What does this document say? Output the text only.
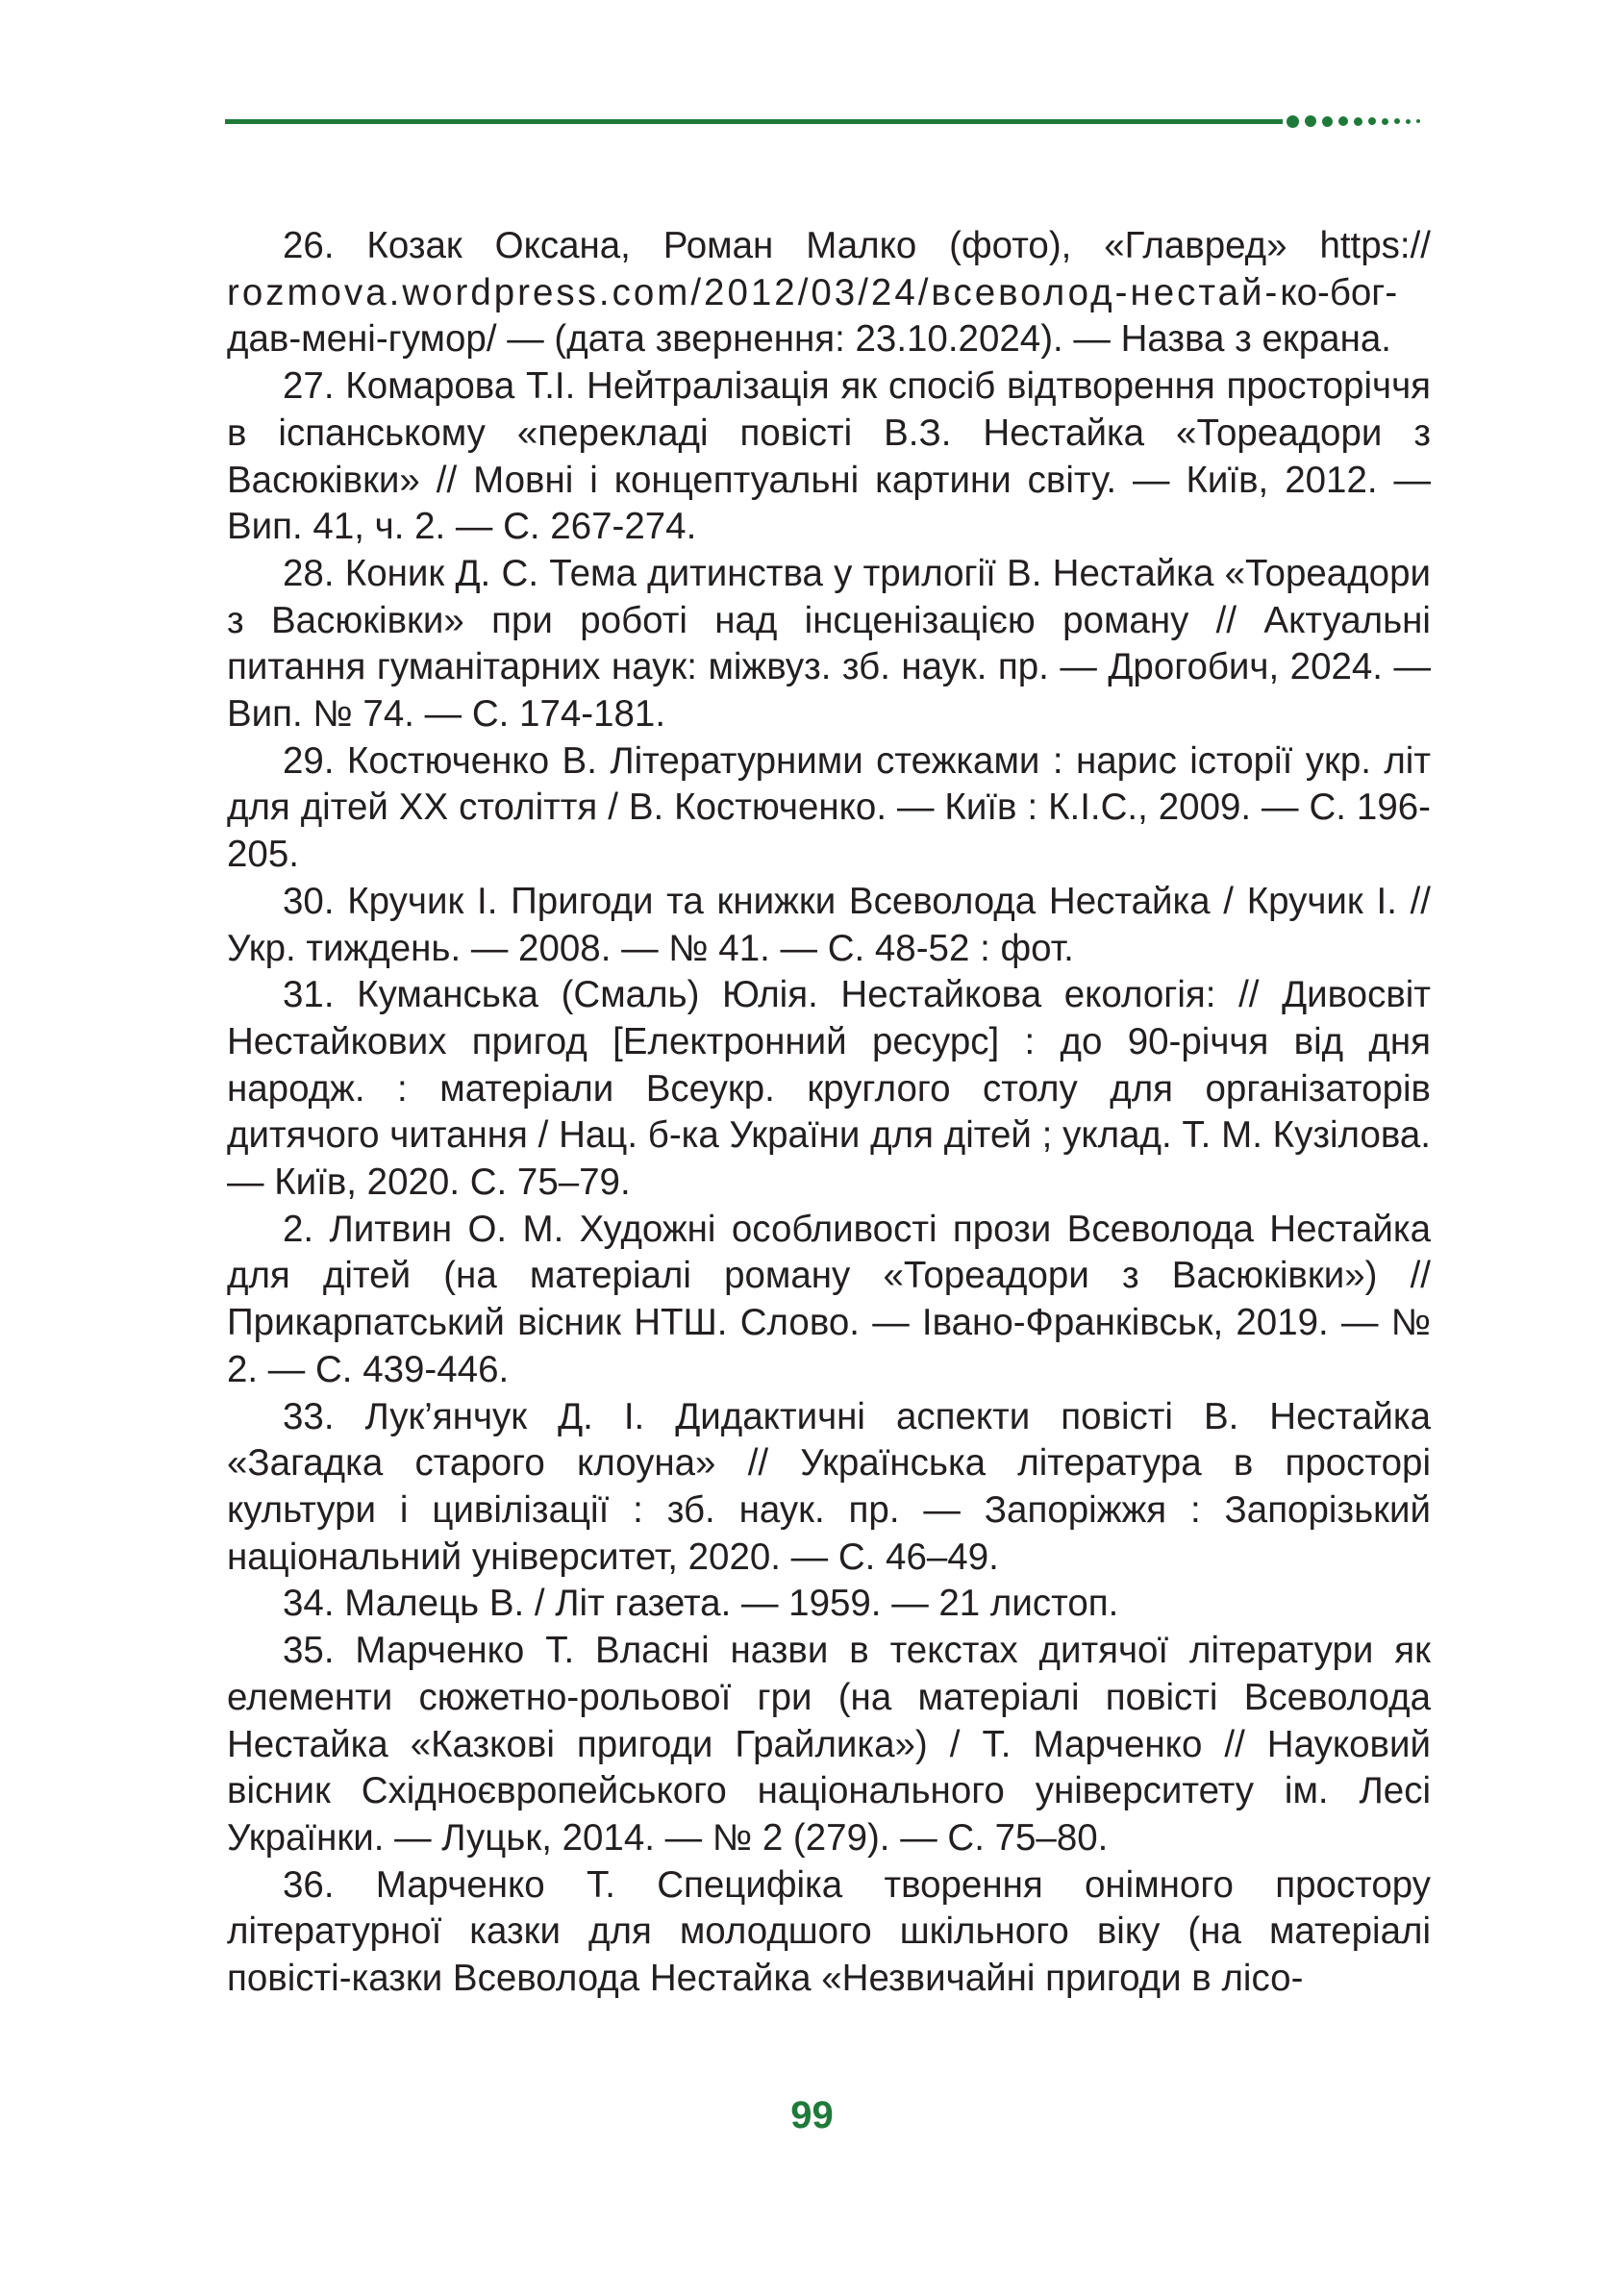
26. Козак Оксана, Роман Малко (фото), «Главред» https:// rozmova.wordpress.com/2012/03/24/всеволод-нестай-ко-бог-дав-мені-гумор/ — (дата звернення: 23.10.2024). — Назва з екрана.

27. Комарова Т.І. Нейтралізація як спосіб відтворення просторіччя в іспанському «перекладі повісті В.З. Нестайка «Тореадори з Васюківки» // Мовні і концептуальні картини світу. — Київ, 2012. — Вип. 41, ч. 2. — С. 267-274.

28. Коник Д. С. Тема дитинства у трилогії В. Нестайка «Тореадори з Васюківки» при роботі над інсценізацією роману // Актуальні питання гуманітарних наук: міжвуз. зб. наук. пр. — Дрогобич, 2024. — Вип. № 74. — С. 174-181.

29. Костюченко В. Літературними стежками : нарис історії укр. літ для дітей ХХ століття / В. Костюченко. — Київ : К.І.С., 2009. — С. 196-205.

30. Кручик І. Пригоди та книжки Всеволода Нестайка / Кручик І. // Укр. тиждень. — 2008. — № 41. — С. 48-52 : фот.

31. Куманська (Смаль) Юлія. Нестайкова екологія: // Дивосвіт Нестайкових пригод [Електронний ресурс] : до 90-річчя від дня народж. : матеріали Всеукр. круглого столу для організаторів дитячого читання / Нац. б-ка України для дітей ; уклад. Т. М. Кузілова. — Київ, 2020. С. 75–79.

2. Литвин О. М. Художні особливості прози Всеволода Нестайка для дітей (на матеріалі роману «Тореадори з Васюківки») // Прикарпатський вісник НТШ. Слово. — Івано-Франківськ, 2019. — № 2. — С. 439-446.

33. Лук’янчук Д. І. Дидактичні аспекти повісті В. Нестайка «Загадка старого клоуна» // Українська література в просторі культури і цивілізації : зб. наук. пр. — Запоріжжя : Запорізький національний університет, 2020. — С. 46–49.

34. Малець В. / Літ газета. — 1959. — 21 листоп.

35. Марченко Т. Власні назви в текстах дитячої літератури як елементи сюжетно-рольової гри (на матеріалі повісті Всеволода Нестайка «Казкові пригоди Грайлика») / Т. Марченко // Науковий вісник Східноєвропейського національного університету ім. Лесі Українки. — Луцьк, 2014. — № 2 (279). — С. 75–80.

36. Марченко Т. Специфіка творення онімного простору літературної казки для молодшого шкільного віку (на матеріалі повісті-казки Всеволода Нестайка «Незвичайні пригоди в лісо-

99
